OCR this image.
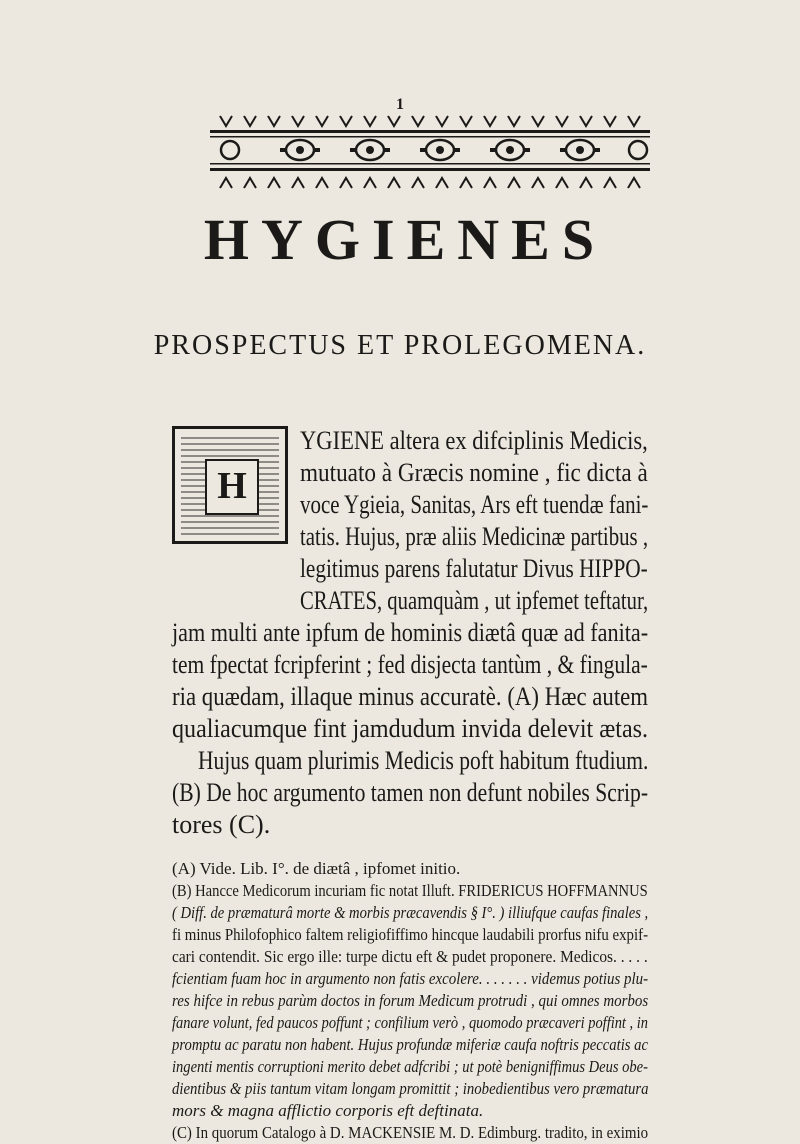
1
HYGIENES
PROSPECTUS ET PROLEGOMENA.
H
YGIENE altera ex difciplinis Medicis,
mutuato à Græcis nomine , fic dicta à
voce Ygieia, Sanitas, Ars eft tuendæ fani-
tatis. Hujus, præ aliis Medicinæ partibus ,
legitimus parens falutatur Divus HIPPO-
CRATES, quamquàm , ut ipfemet teftatur,
jam multi ante ipfum de hominis diætâ quæ ad fanita-
tem fpectat fcripferint ; fed disjecta tantùm , & fingula-
ria quædam, illaque minus accuratè. (A) Hæc autem
qualiacumque fint jamdudum invida delevit ætas.
Hujus quam plurimis Medicis poft habitum ftudium.
(B) De hoc argumento tamen non defunt nobiles Scrip-
tores (C).
(A) Vide. Lib. I°. de diætâ , ipfomet initio.
(B) Hancce Medicorum incuriam fic notat Illuft. FRIDERICUS HOFFMANNUS
( Diff. de præmaturâ morte & morbis præcavendis § I°. ) illiufque caufas finales ,
fi minus Philofophico faltem religiofiffimo hincque laudabili prorfus nifu expif-
cari contendit. Sic ergo ille: turpe dictu eft & pudet proponere. Medicos. . . . .
fcientiam fuam hoc in argumento non fatis excolere. . . . . . . videmus potius plu-
res hifce in rebus parùm doctos in forum Medicum protrudi , qui omnes morbos
fanare volunt, fed paucos poffunt ; confilium verò , quomodo præcaveri poffint , in
promptu ac paratu non habent. Hujus profundæ miferiæ caufa noftris peccatis ac
ingenti mentis corruptioni merito debet adfcribi ; ut potè benigniffimus Deus obe-
dientibus & piis tantum vitam longam promittit ; inobedientibus vero præmatura
mors & magna afflictio corporis eft deftinata.
(C) In quorum Catalogo à D. MACKENSIE M. D. Edimburg. tradito, in eximio
